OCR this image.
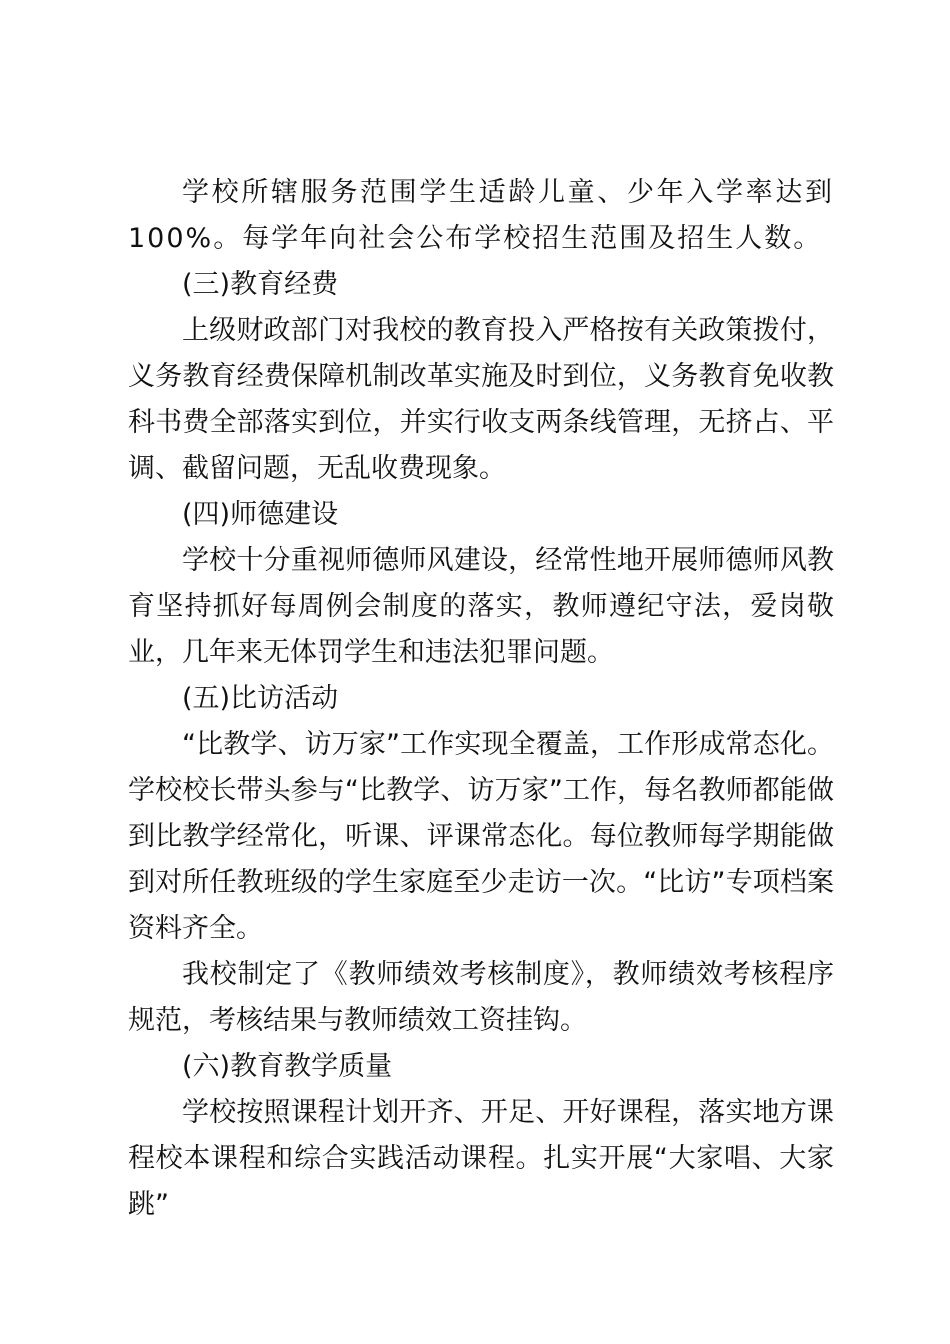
学校所辖服务范围学生适龄儿童、少年入学率达到100%。每学年向社会公布学校招生范围及招生人数。

(三)教育经费

上级财政部门对我校的教育投入严格按有关政策拨付，义务教育经费保障机制改革实施及时到位，义务教育免收教科书费全部落实到位，并实行收支两条线管理，无挤占、平调、截留问题，无乱收费现象。

(四)师德建设

学校十分重视师德师风建设，经常性地开展师德师风教育坚持抓好每周例会制度的落实，教师遵纪守法，爱岗敬业，几年来无体罚学生和违法犯罪问题。

(五)比访活动

“比教学、访万家”工作实现全覆盖，工作形成常态化。学校校长带头参与“比教学、访万家”工作，每名教师都能做到比教学经常化，听课、评课常态化。每位教师每学期能做到对所任教班级的学生家庭至少走访一次。“比访”专项档案资料齐全。

我校制定了《教师绩效考核制度》，教师绩效考核程序规范，考核结果与教师绩效工资挂钩。

(六)教育教学质量

学校按照课程计划开齐、开足、开好课程，落实地方课程校本课程和综合实践活动课程。扎实开展“大家唱、大家跳”
